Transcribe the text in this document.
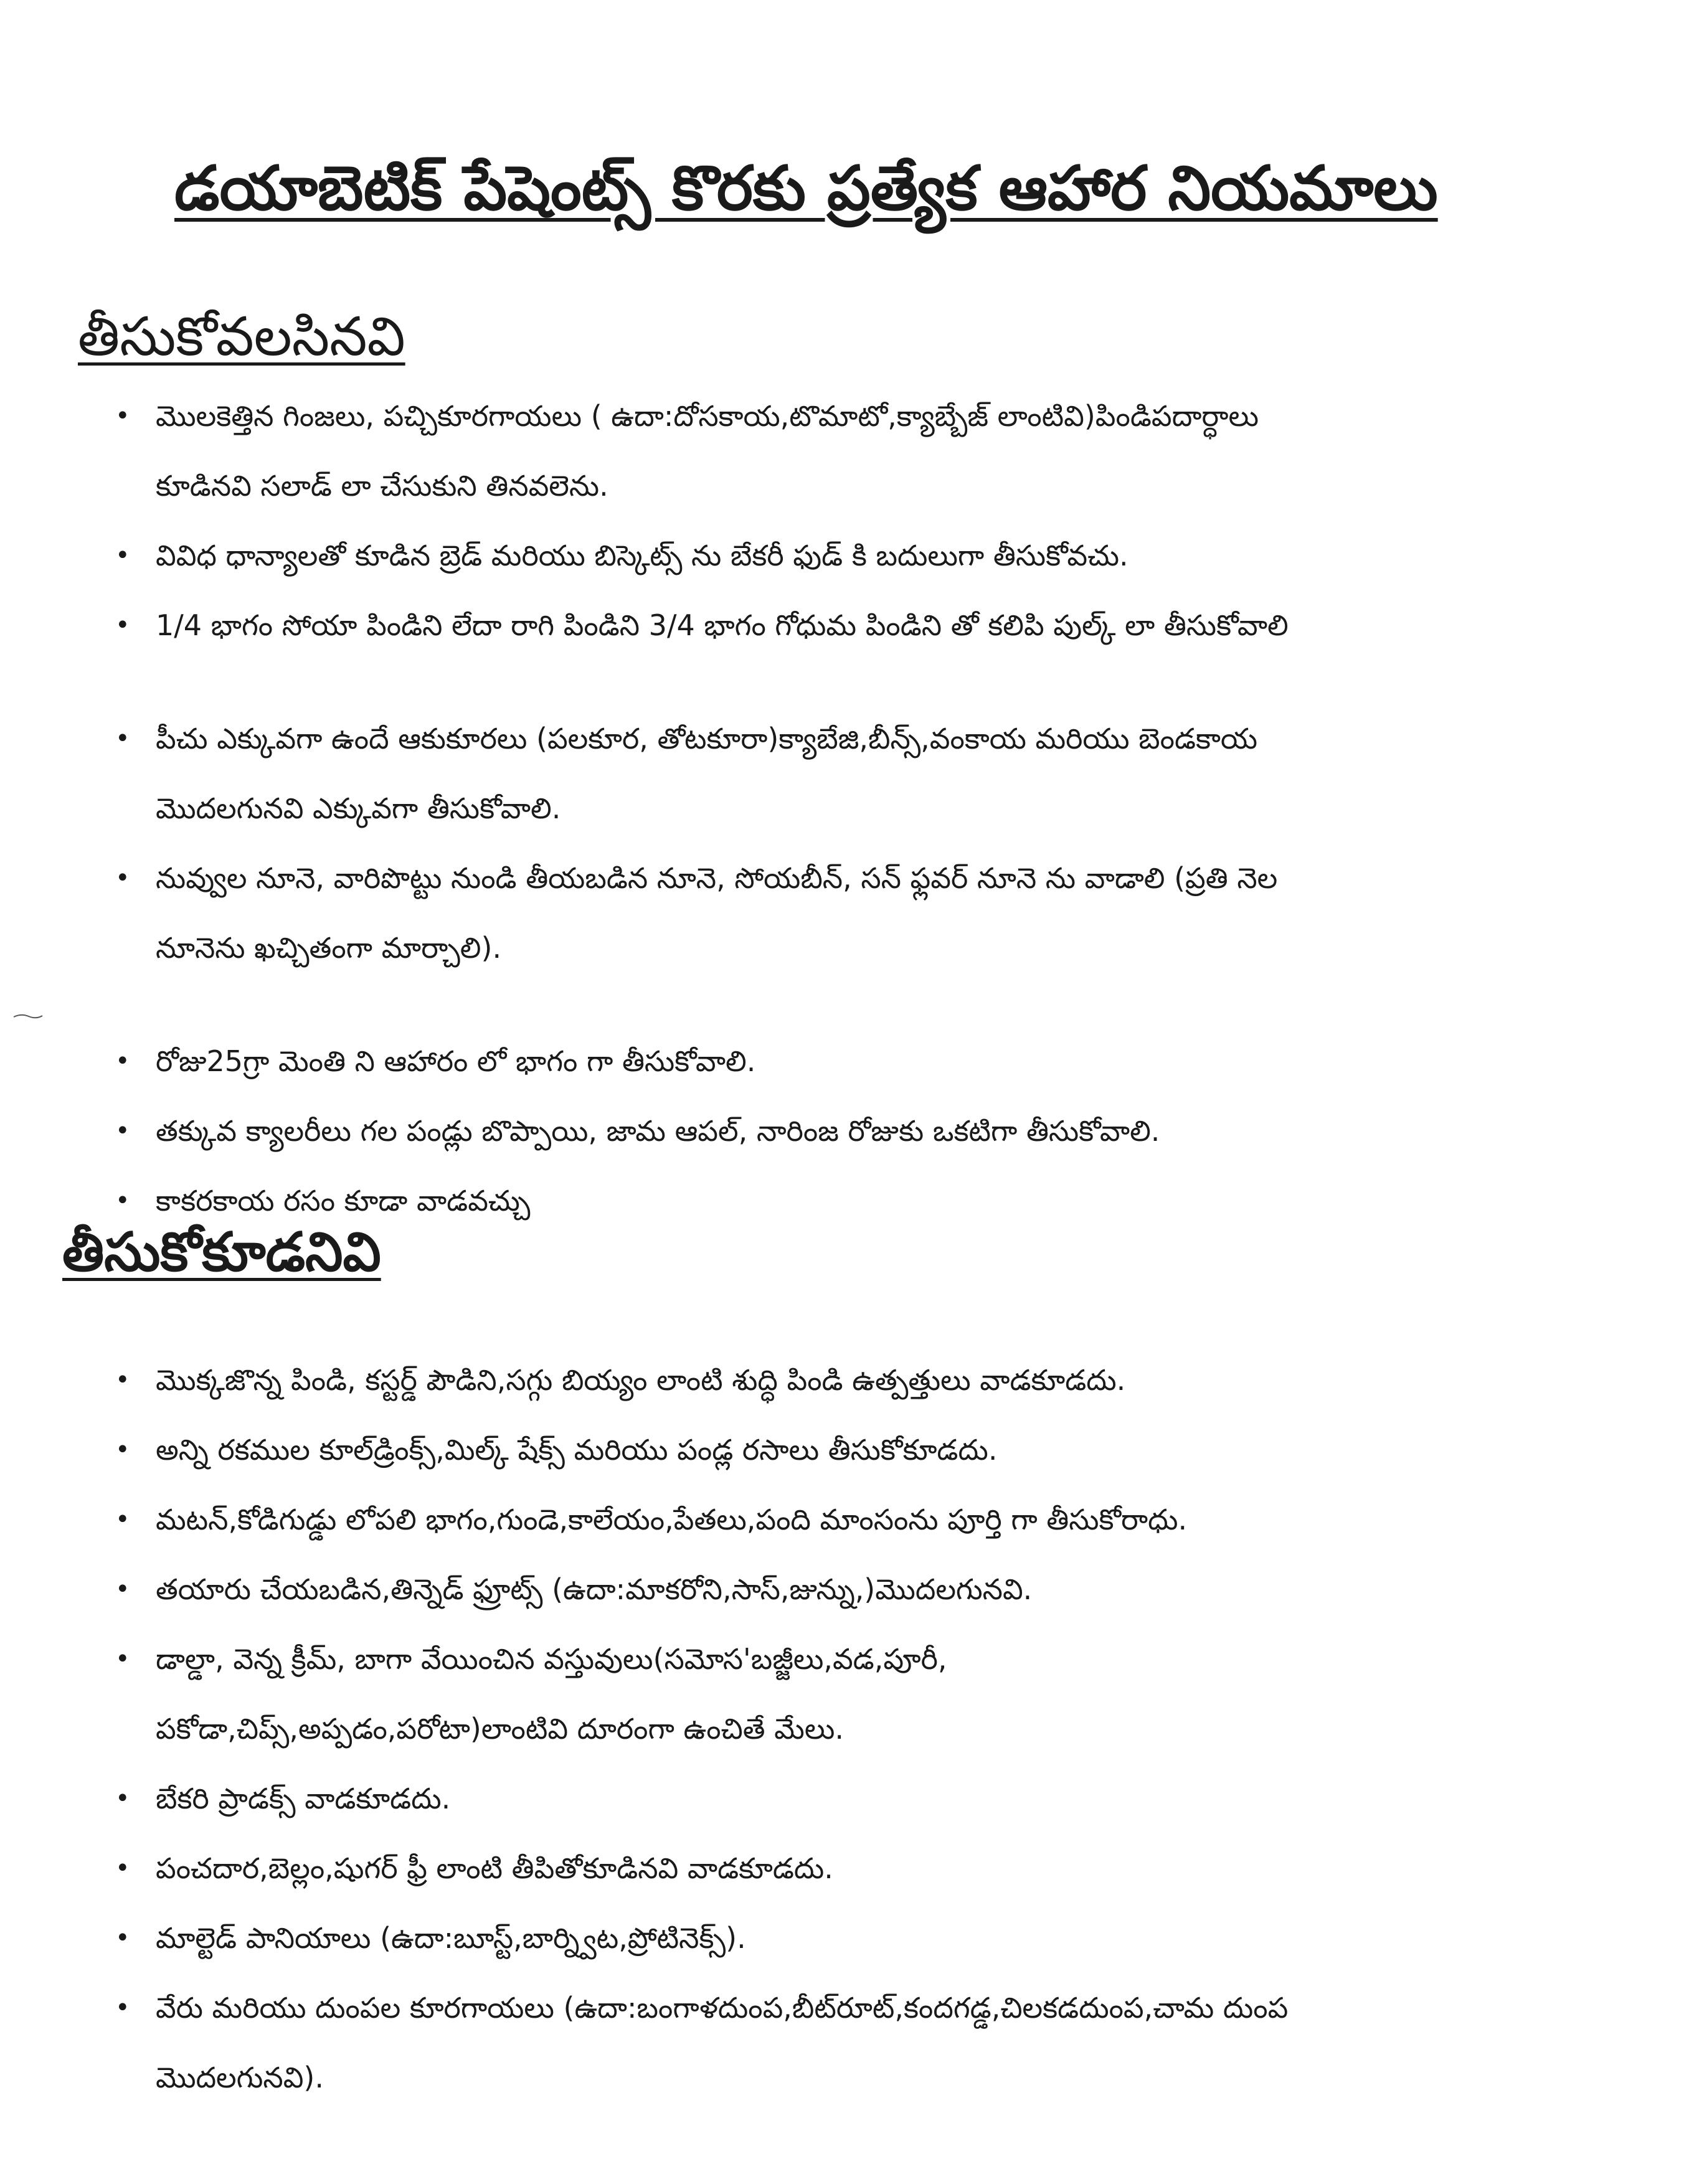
డయాబెటిక్ పేషెంట్స్ కొరకు ప్రత్యేక ఆహార నియమాలు
తీసుకోవలసినవి
• మొలకెత్తిన గింజలు, పచ్చికూరగాయలు ( ఉదా:దోసకాయ,టొమాటో,క్యాబ్బేజ్ లాంటివి)పిండిపదార్ధాలు
కూడినవి సలాడ్ లా చేసుకుని తినవలెను.
• వివిధ ధాన్యాలతో కూడిన బ్రెడ్ మరియు బిస్కెట్స్ ను బేకరీ ఫుడ్ కి బదులుగా తీసుకోవచు.
• 1/4 భాగం సోయా పిండిని లేదా రాగి పిండిని 3/4 భాగం గోధుమ పిండిని తో కలిపి పుల్క్ లా తీసుకోవాలి
• పీచు ఎక్కువగా ఉందే ఆకుకూరలు (పలకూర, తోటకూరా)క్యాబేజి,బీన్స్,వంకాయ మరియు బెండకాయ
మొదలగునవి ఎక్కువగా తీసుకోవాలి.
• నువ్వుల నూనె, వారిపొట్టు నుండి తీయబడిన నూనె, సోయబీన్, సన్ ఫ్లవర్ నూనె ను వాడాలి (ప్రతి నెల
నూనెను ఖచ్చితంగా మార్చాలి).
• రోజు25గ్రా మెంతి ని ఆహారం లో భాగం గా తీసుకోవాలి.
• తక్కువ క్యాలరీలు గల పండ్లు బొప్పాయి, జామ ఆపల్, నారింజ రోజుకు ఒకటిగా తీసుకోవాలి.
• కాకరకాయ రసం కూడా వాడవచ్చు
తీసుకోకూడనివి
• మొక్కజొన్న పిండి, కస్టర్డ్ పౌడిని,సగ్గు బియ్యం లాంటి శుద్ధి పిండి ఉత్పత్తులు వాడకూడదు.
• అన్ని రకముల కూల్‌డ్రింక్స్,మిల్క్ షేక్స్ మరియు పండ్ల రసాలు తీసుకోకూడదు.
• మటన్,కోడిగుడ్డు లోపలి భాగం,గుండె,కాలేయం,పేతలు,పంది మాంసంను పూర్తి గా తీసుకోరాధు.
• తయారు చేయబడిన,తిన్నెడ్ ఫ్రూట్స్ (ఉదా:మాకరోని,సాస్,జున్ను,)మొదలగునవి.
• డాల్డా, వెన్న క్రీమ్, బాగా వేయించిన వస్తువులు(సమోస'బజ్జీలు,వడ,పూరీ,
పకోడా,చిప్స్,అప్పడం,పరోటా)లాంటివి దూరంగా ఉంచితే మేలు.
• బేకరి ప్రాడక్స్ వాడకూడదు.
• పంచదార,బెల్లం,షుగర్ ఫ్రీ లాంటి తీపితోకూడినవి వాడకూడదు.
• మాల్టెడ్ పానియాలు (ఉదా:బూస్ట్,బార్న్విట,ప్రోటినెక్స్).
• వేరు మరియు దుంపల కూరగాయలు (ఉదా:బంగాళదుంప,బీట్‌రూట్,కందగడ్డ,చిలకడదుంప,చామ దుంప
మొదలగునవి).
